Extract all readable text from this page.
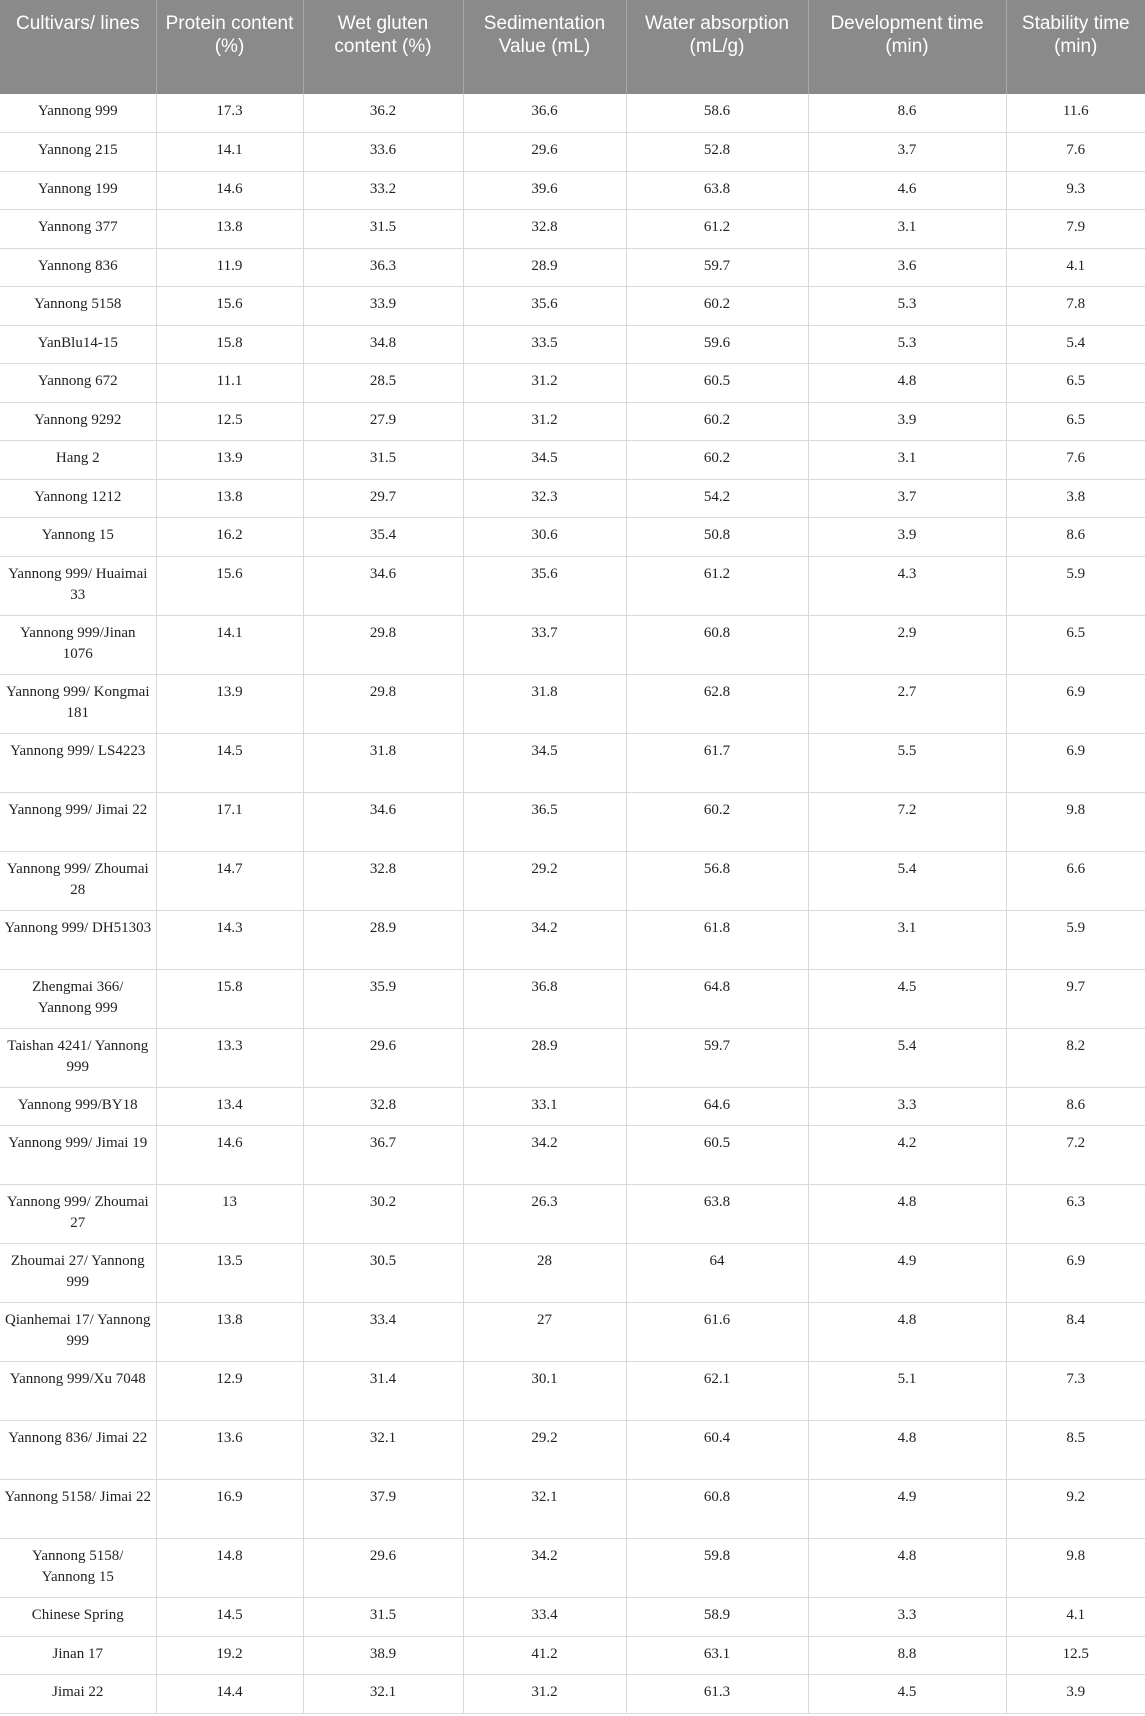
Cultivars/ lines	Protein content (%)	Wet gluten content (%)	Sedimentation Value (mL)	Water absorption (mL/g)	Development time (min)	Stability time (min)
Yannong 999	17.3	36.2	36.6	58.6	8.6	11.6
Yannong 215	14.1	33.6	29.6	52.8	3.7	7.6
Yannong 199	14.6	33.2	39.6	63.8	4.6	9.3
Yannong 377	13.8	31.5	32.8	61.2	3.1	7.9
Yannong 836	11.9	36.3	28.9	59.7	3.6	4.1
Yannong 5158	15.6	33.9	35.6	60.2	5.3	7.8
YanBlu14-15	15.8	34.8	33.5	59.6	5.3	5.4
Yannong 672	11.1	28.5	31.2	60.5	4.8	6.5
Yannong 9292	12.5	27.9	31.2	60.2	3.9	6.5
Hang 2	13.9	31.5	34.5	60.2	3.1	7.6
Yannong 1212	13.8	29.7	32.3	54.2	3.7	3.8
Yannong 15	16.2	35.4	30.6	50.8	3.9	8.6
Yannong 999/ Huaimai 33	15.6	34.6	35.6	61.2	4.3	5.9
Yannong 999/Jinan 1076	14.1	29.8	33.7	60.8	2.9	6.5
Yannong 999/ Kongmai 181	13.9	29.8	31.8	62.8	2.7	6.9
Yannong 999/ LS4223	14.5	31.8	34.5	61.7	5.5	6.9
Yannong 999/ Jimai 22	17.1	34.6	36.5	60.2	7.2	9.8
Yannong 999/ Zhoumai 28	14.7	32.8	29.2	56.8	5.4	6.6
Yannong 999/ DH51303	14.3	28.9	34.2	61.8	3.1	5.9
Zhengmai 366/ Yannong 999	15.8	35.9	36.8	64.8	4.5	9.7
Taishan 4241/ Yannong 999	13.3	29.6	28.9	59.7	5.4	8.2
Yannong 999/BY18	13.4	32.8	33.1	64.6	3.3	8.6
Yannong 999/ Jimai 19	14.6	36.7	34.2	60.5	4.2	7.2
Yannong 999/ Zhoumai 27	13	30.2	26.3	63.8	4.8	6.3
Zhoumai 27/ Yannong 999	13.5	30.5	28	64	4.9	6.9
Qianhemai 17/ Yannong 999	13.8	33.4	27	61.6	4.8	8.4
Yannong 999/Xu 7048	12.9	31.4	30.1	62.1	5.1	7.3
Yannong 836/ Jimai 22	13.6	32.1	29.2	60.4	4.8	8.5
Yannong 5158/ Jimai 22	16.9	37.9	32.1	60.8	4.9	9.2
Yannong 5158/ Yannong 15	14.8	29.6	34.2	59.8	4.8	9.8
Chinese Spring	14.5	31.5	33.4	58.9	3.3	4.1
Jinan 17	19.2	38.9	41.2	63.1	8.8	12.5
Jimai 22	14.4	32.1	31.2	61.3	4.5	3.9
